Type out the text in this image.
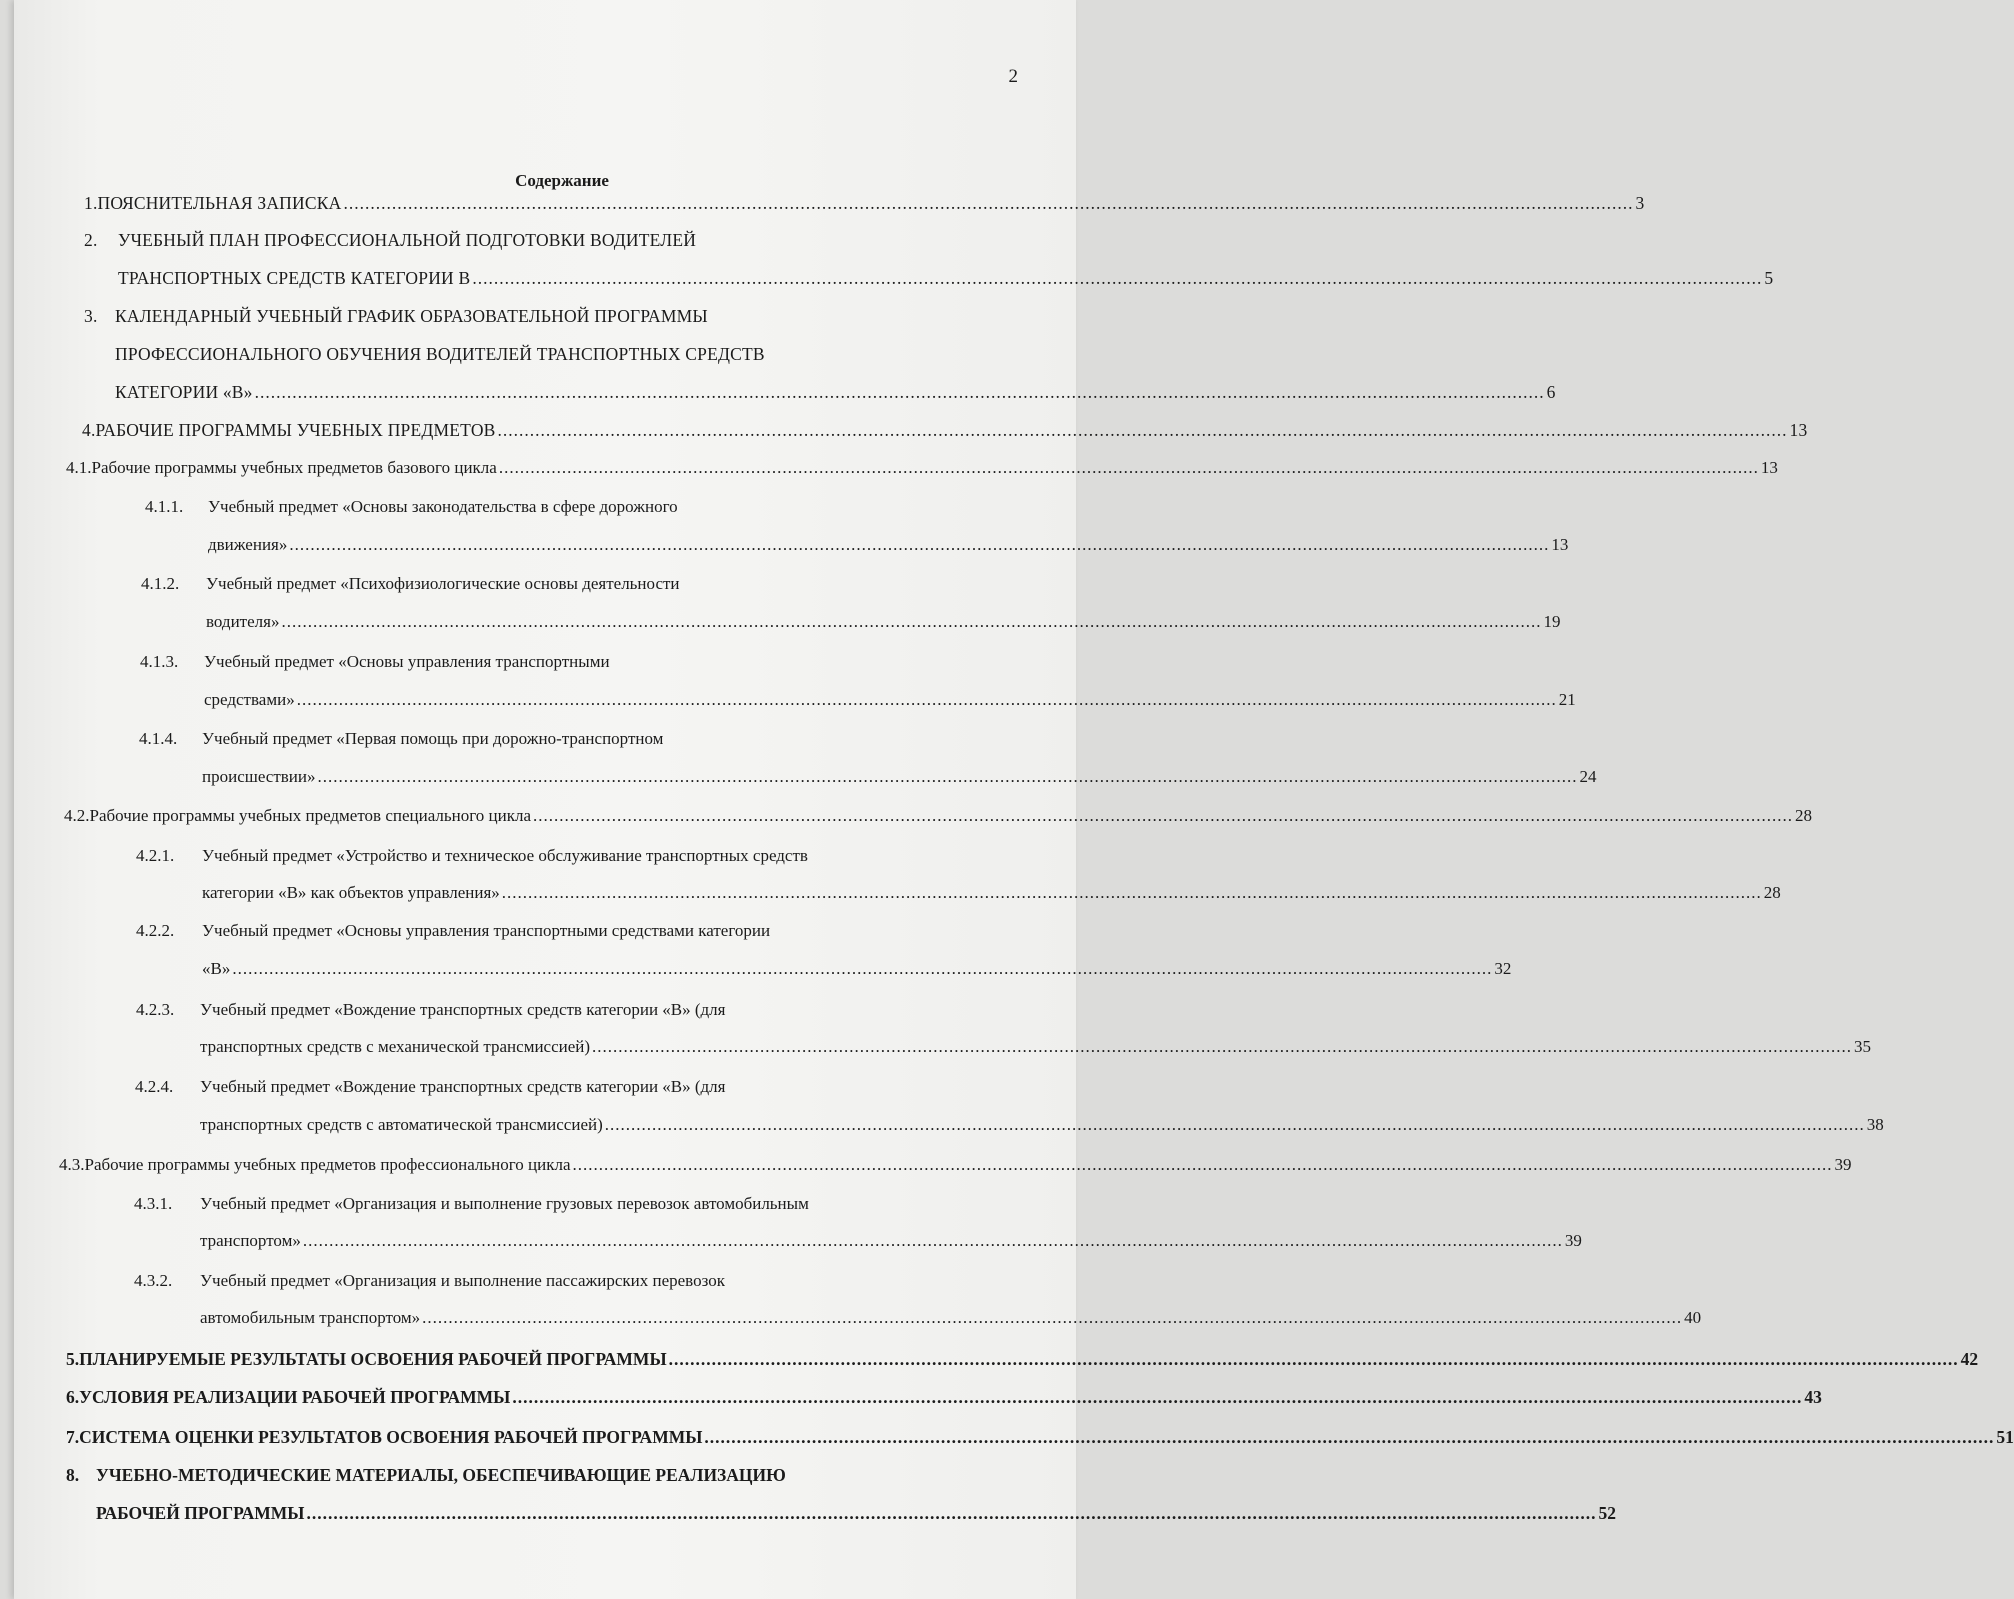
2
Содержание
1. ПОЯСНИТЕЛЬНАЯ ЗАПИСКА .....	3
2.	УЧЕБНЫЙ ПЛАН ПРОФЕССИОНАЛЬНОЙ ПОДГОТОВКИ ВОДИТЕЛЕЙ
ТРАНСПОРТНЫХ СРЕДСТВ КАТЕГОРИИ В .....	5
3. КАЛЕНДАРНЫЙ УЧЕБНЫЙ ГРАФИК ОБРАЗОВАТЕЛЬНОЙ ПРОГРАММЫ
ПРОФЕССИОНАЛЬНОГО ОБУЧЕНИЯ ВОДИТЕЛЕЙ ТРАНСПОРТНЫХ СРЕДСТВ
КАТЕГОРИИ «В» .....	6
4. РАБОЧИЕ ПРОГРАММЫ УЧЕБНЫХ ПРЕДМЕТОВ .....	13
4.1. Рабочие программы учебных предметов базового цикла .....	13
4.1.1.	Учебный предмет «Основы законодательства в сфере дорожного
движения» .....	13
4.1.2.	Учебный предмет «Психофизиологические основы деятельности
водителя» .....	19
4.1.3.	Учебный предмет «Основы управления транспортными
средствами» .....	21
4.1.4.	Учебный предмет «Первая помощь при дорожно-транспортном
происшествии» .....	24
4.2. Рабочие программы учебных предметов специального цикла .....	28
4.2.1.	Учебный предмет «Устройство и техническое обслуживание транспортных средств
категории «В» как объектов управления» .....	28
4.2.2.	Учебный предмет «Основы управления транспортными средствами категории
«В» .....	32
4.2.3.	Учебный предмет «Вождение транспортных средств категории «В» (для
транспортных средств с механической трансмиссией) .....	35
4.2.4.	Учебный предмет «Вождение транспортных средств категории «В» (для
транспортных средств с автоматической трансмиссией) .....	38
4.3. Рабочие программы учебных предметов профессионального цикла .....	39
4.3.1.	Учебный предмет «Организация и выполнение грузовых перевозок автомобильным
транспортом» .....	39
4.3.2.	Учебный предмет «Организация и выполнение пассажирских перевозок
автомобильным транспортом» .....	40
5. ПЛАНИРУЕМЫЕ РЕЗУЛЬТАТЫ ОСВОЕНИЯ РАБОЧЕЙ ПРОГРАММЫ .....	42
6. УСЛОВИЯ РЕАЛИЗАЦИИ РАБОЧЕЙ ПРОГРАММЫ .....	43
7. СИСТЕМА ОЦЕНКИ РЕЗУЛЬТАТОВ ОСВОЕНИЯ РАБОЧЕЙ ПРОГРАММЫ .....	51
8. УЧЕБНО-МЕТОДИЧЕСКИЕ МАТЕРИАЛЫ, ОБЕСПЕЧИВАЮЩИЕ РЕАЛИЗАЦИЮ
РАБОЧЕЙ ПРОГРАММЫ .....	52
